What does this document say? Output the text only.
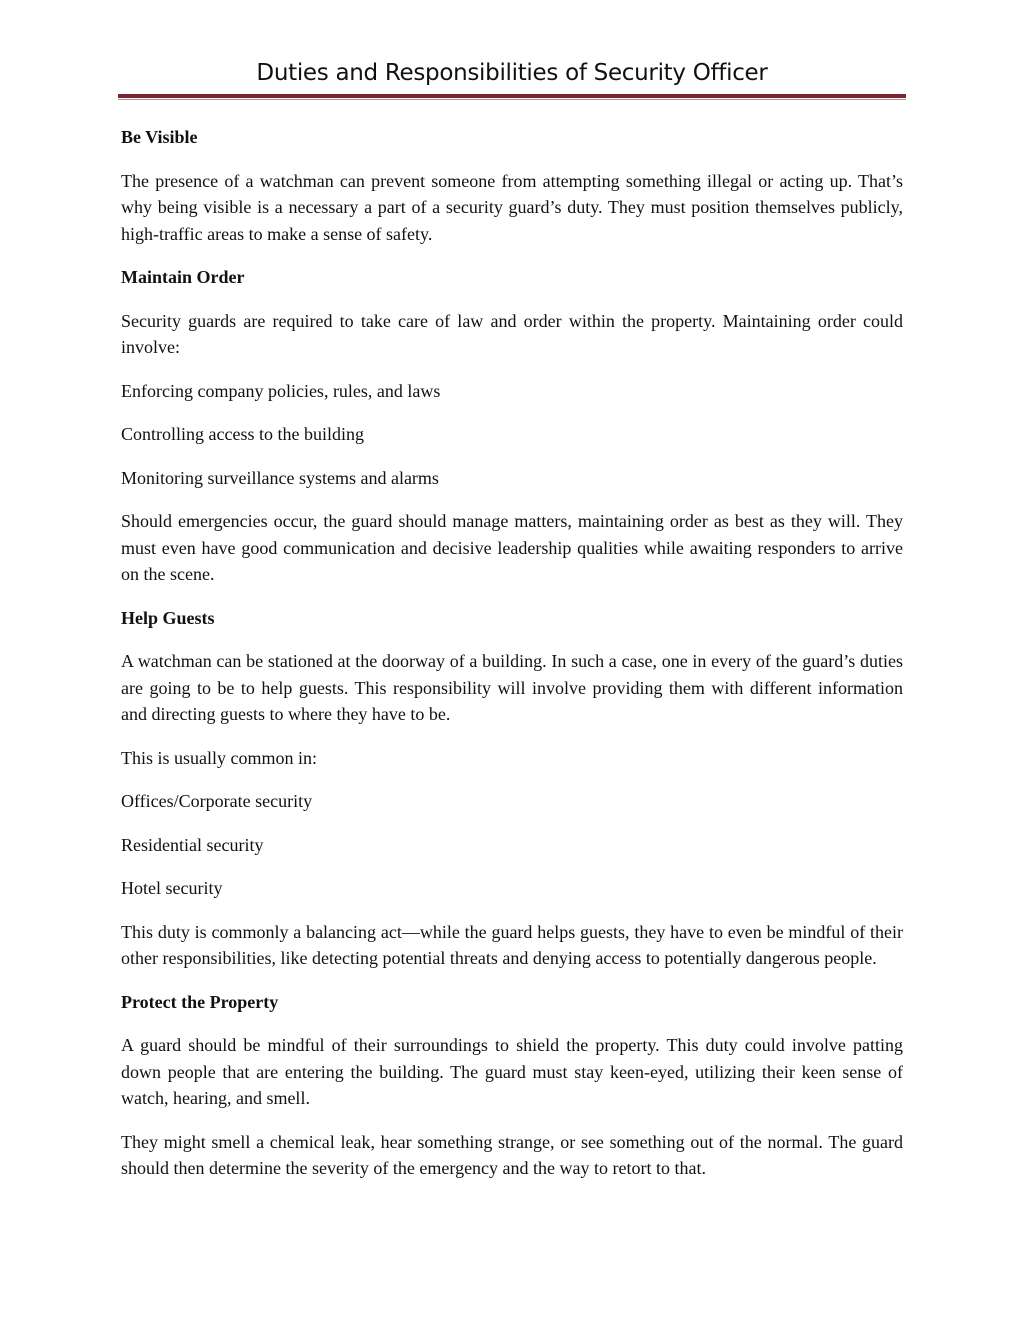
Duties and Responsibilities of Security Officer
Be Visible

The presence of a watchman can prevent someone from attempting something illegal or acting up. That’s why being visible is a necessary a part of a security guard’s duty. They must position themselves publicly, high-traffic areas to make a sense of safety.

Maintain Order

Security guards are required to take care of law and order within the property. Maintaining order could involve:

Enforcing company policies, rules, and laws

Controlling access to the building

Monitoring surveillance systems and alarms

Should emergencies occur, the guard should manage matters, maintaining order as best as they will. They must even have good communication and decisive leadership qualities while awaiting responders to arrive on the scene.

Help Guests

A watchman can be stationed at the doorway of a building. In such a case, one in every of the guard’s duties are going to be to help guests. This responsibility will involve providing them with different information and directing guests to where they have to be.

This is usually common in:

Offices/Corporate security

Residential security

Hotel security

This duty is commonly a balancing act—while the guard helps guests, they have to even be mindful of their other responsibilities, like detecting potential threats and denying access to potentially dangerous people.

Protect the Property

A guard should be mindful of their surroundings to shield the property. This duty could involve patting down people that are entering the building. The guard must stay keen-eyed, utilizing their keen sense of watch, hearing, and smell.

They might smell a chemical leak, hear something strange, or see something out of the normal. The guard should then determine the severity of the emergency and the way to retort to that.
